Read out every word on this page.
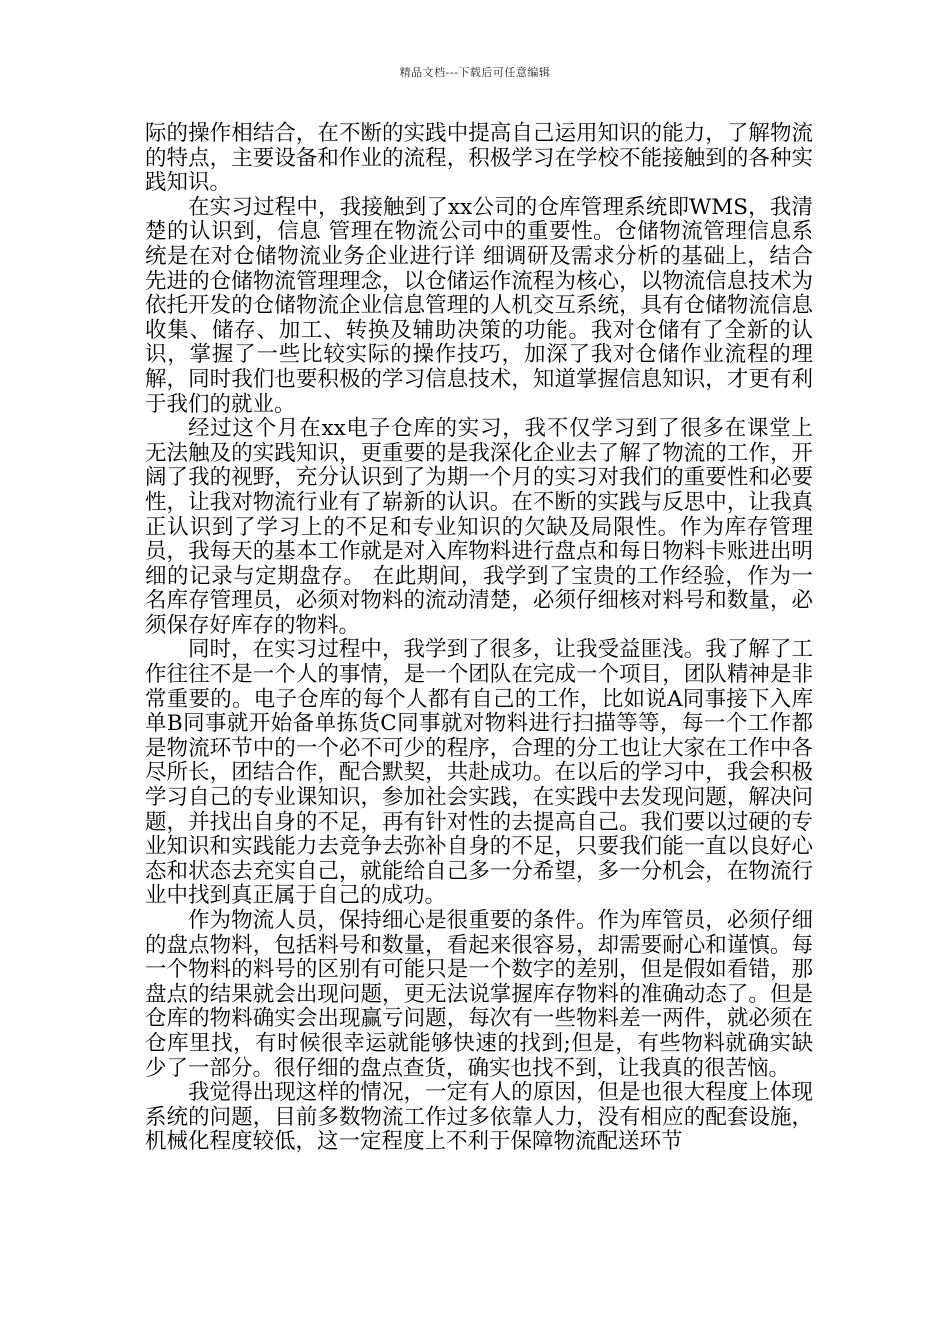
精品文档---下载后可任意编辑

际的操作相结合，在不断的实践中提高自己运用知识的能力，了解物流的特点，主要设备和作业的流程，积极学习在学校不能接触到的各种实践知识。

在实习过程中，我接触到了xx公司的仓库管理系统即WMS，我清楚的认识到，信息 管理在物流公司中的重要性。仓储物流管理信息系统是在对仓储物流业务企业进行详 细调研及需求分析的基础上，结合先进的仓储物流管理理念，以仓储运作流程为核心，以物流信息技术为依托开发的仓储物流企业信息管理的人机交互系统，具有仓储物流信息收集、储存、加工、转换及辅助决策的功能。我对仓储有了全新的认识，掌握了一些比较实际的操作技巧，加深了我对仓储作业流程的理解，同时我们也要积极的学习信息技术，知道掌握信息知识，才更有利于我们的就业。

经过这个月在xx电子仓库的实习，我不仅学习到了很多在课堂上无法触及的实践知识，更重要的是我深化企业去了解了物流的工作，开阔了我的视野，充分认识到了为期一个月的实习对我们的重要性和必要性，让我对物流行业有了崭新的认识。在不断的实践与反思中，让我真正认识到了学习上的不足和专业知识的欠缺及局限性。作为库存管理员，我每天的基本工作就是对入库物料进行盘点和每日物料卡账进出明细的记录与定期盘存。 在此期间，我学到了宝贵的工作经验，作为一名库存管理员，必须对物料的流动清楚，必须仔细核对料号和数量，必须保存好库存的物料。

同时，在实习过程中，我学到了很多，让我受益匪浅。我了解了工作往往不是一个人的事情，是一个团队在完成一个项目，团队精神是非常重要的。电子仓库的每个人都有自己的工作，比如说A同事接下入库单B同事就开始备单拣货C同事就对物料进行扫描等等，每一个工作都是物流环节中的一个必不可少的程序，合理的分工也让大家在工作中各尽所长，团结合作，配合默契，共赴成功。在以后的学习中，我会积极学习自己的专业课知识，参加社会实践，在实践中去发现问题，解决问题，并找出自身的不足，再有针对性的去提高自己。我们要以过硬的专业知识和实践能力去竞争去弥补自身的不足，只要我们能一直以良好心态和状态去充实自己，就能给自己多一分希望，多一分机会，在物流行业中找到真正属于自己的成功。

作为物流人员，保持细心是很重要的条件。作为库管员，必须仔细的盘点物料，包括料号和数量，看起来很容易，却需要耐心和谨慎。每一个物料的料号的区别有可能只是一个数字的差别，但是假如看错，那盘点的结果就会出现问题，更无法说掌握库存物料的准确动态了。但是仓库的物料确实会出现赢亏问题，每次有一些物料差一两件，就必须在仓库里找，有时候很幸运就能够快速的找到;但是，有些物料就确实缺少了一部分。很仔细的盘点查货，确实也找不到，让我真的很苦恼。

我觉得出现这样的情况，一定有人的原因，但是也很大程度上体现系统的问题，目前多数物流工作过多依靠人力，没有相应的配套设施，机械化程度较低，这一定程度上不利于保障物流配送环节
